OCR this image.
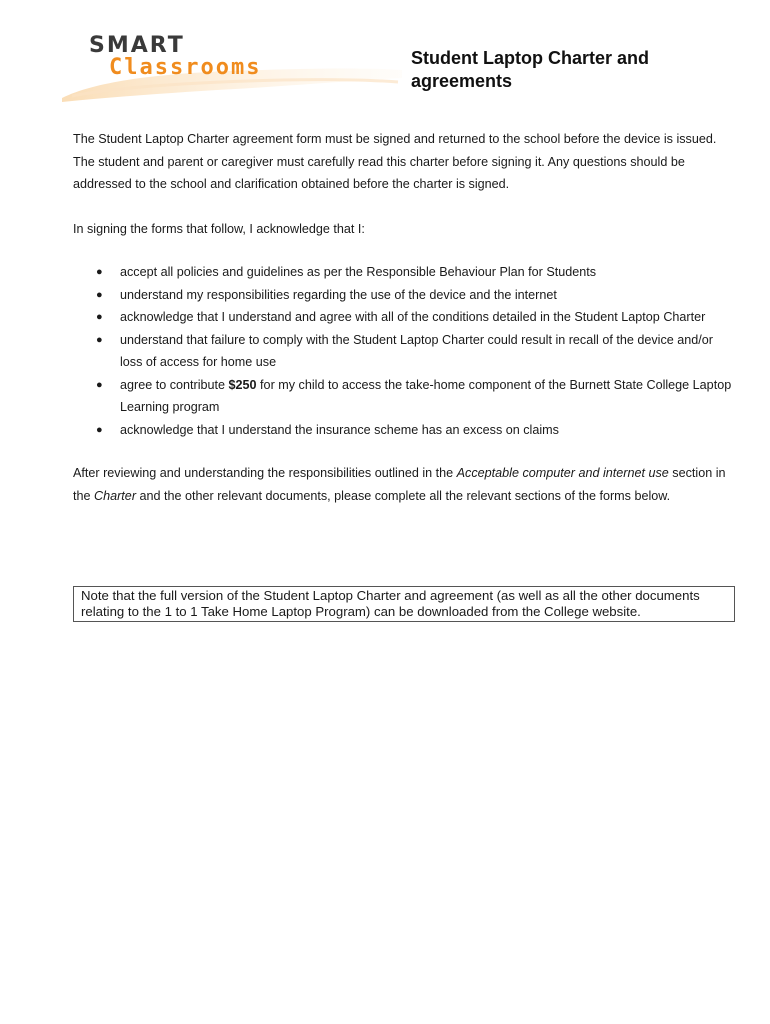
SMART
Classrooms	Student Laptop Charter and agreements

The Student Laptop Charter agreement form must be signed and returned to the school before the device is issued. The student and parent or caregiver must carefully read this charter before signing it. Any questions should be addressed to the school and clarification obtained before the charter is signed.

In signing the forms that follow, I acknowledge that I:

● accept all policies and guidelines as per the Responsible Behaviour Plan for Students
● understand my responsibilities regarding the use of the device and the internet
● acknowledge that I understand and agree with all of the conditions detailed in the Student Laptop Charter
● understand that failure to comply with the Student Laptop Charter could result in recall of the device and/or loss of access for home use
● agree to contribute $250 for my child to access the take-home component of the Burnett State College Laptop Learning program
● acknowledge that I understand the insurance scheme has an excess on claims

After reviewing and understanding the responsibilities outlined in the Acceptable computer and internet use section in the Charter and the other relevant documents, please complete all the relevant sections of the forms below.

Note that the full version of the Student Laptop Charter and agreement (as well as all the other documents relating to the 1 to 1 Take Home Laptop Program) can be downloaded from the College website.
